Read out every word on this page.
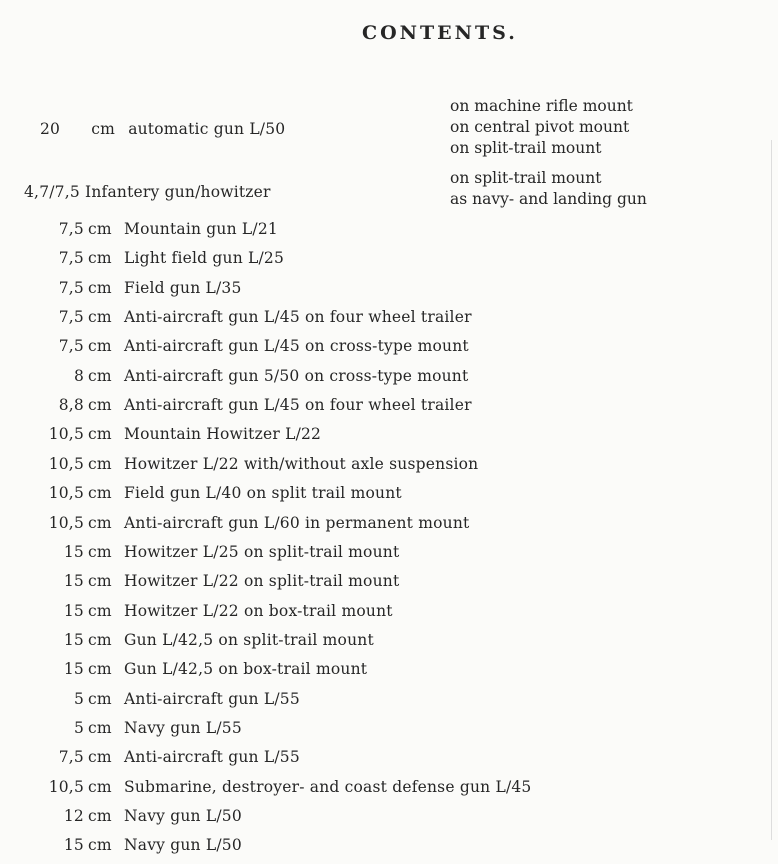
CONTENTS.
20 cm automatic gun L/50
on machine rifle mount
on central pivot mount
on split-trail mount
4,7/7,5 Infantery gun/howitzer
on split-trail mount
as navy- and landing gun
7,5 cm Mountain gun L/21
7,5 cm Light field gun L/25
7,5 cm Field gun L/35
7,5 cm Anti-aircraft gun L/45 on four wheel trailer
7,5 cm Anti-aircraft gun L/45 on cross-type mount
8 cm Anti-aircraft gun 5/50 on cross-type mount
8,8 cm Anti-aircraft gun L/45 on four wheel trailer
10,5 cm Mountain Howitzer L/22
10,5 cm Howitzer L/22 with/without axle suspension
10,5 cm Field gun L/40 on split trail mount
10,5 cm Anti-aircraft gun L/60 in permanent mount
15 cm Howitzer L/25 on split-trail mount
15 cm Howitzer L/22 on split-trail mount
15 cm Howitzer L/22 on box-trail mount
15 cm Gun L/42,5 on split-trail mount
15 cm Gun L/42,5 on box-trail mount
5 cm Anti-aircraft gun L/55
5 cm Navy gun L/55
7,5 cm Anti-aircraft gun L/55
10,5 cm Submarine, destroyer- and coast defense gun L/45
12 cm Navy gun L/50
15 cm Navy gun L/50
